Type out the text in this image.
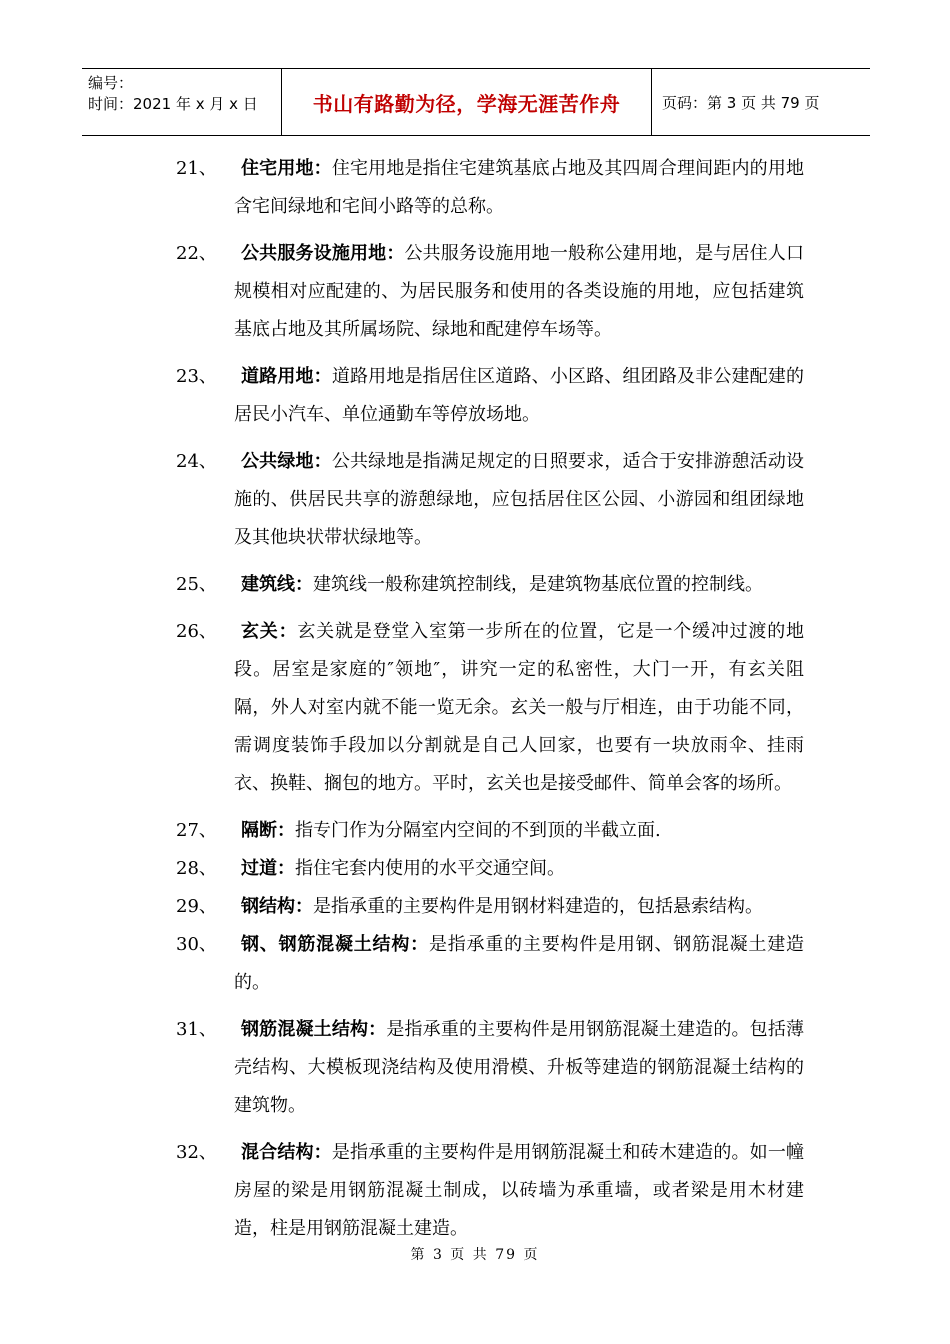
编号：
时间：2021 年 x 月 x 日	书山有路勤为径，学海无涯苦作舟	页码：第 3 页 共 79 页
21、	住宅用地：住宅用地是指住宅建筑基底占地及其四周合理间距内的用地 含宅间绿地和宅间小路等的总称。
22、	公共服务设施用地：公共服务设施用地一般称公建用地，是与居住人口规模相对应配建的、为居民服务和使用的各类设施的用地，应包括建筑基底占地及其所属场院、绿地和配建停车场等。
23、	道路用地：道路用地是指居住区道路、小区路、组团路及非公建配建的居民小汽车、单位通勤车等停放场地。
24、	公共绿地：公共绿地是指满足规定的日照要求，适合于安排游憩活动设施的、供居民共享的游憩绿地，应包括居住区公园、小游园和组团绿地及其他块状带状绿地等。
25、	建筑线：建筑线一般称建筑控制线，是建筑物基底位置的控制线。
26、	玄关：玄关就是登堂入室第一步所在的位置，它是一个缓冲过渡的地段。居室是家庭的″领地″，讲究一定的私密性，大门一开，有玄关阻隔，外人对室内就不能一览无余。玄关一般与厅相连，由于功能不同，需调度装饰手段加以分割就是自己人回家，也要有一块放雨伞、挂雨衣、换鞋、搁包的地方。平时，玄关也是接受邮件、简单会客的场所。
27、	隔断：指专门作为分隔室内空间的不到顶的半截立面.
28、	过道：指住宅套内使用的水平交通空间。
29、	钢结构：是指承重的主要构件是用钢材料建造的，包括悬索结构。
30、	钢、钢筋混凝土结构：是指承重的主要构件是用钢、钢筋混凝土建造的。
31、	钢筋混凝土结构：是指承重的主要构件是用钢筋混凝土建造的。包括薄壳结构、大模板现浇结构及使用滑模、升板等建造的钢筋混凝土结构的建筑物。
32、	混合结构：是指承重的主要构件是用钢筋混凝土和砖木建造的。如一幢房屋的梁是用钢筋混凝土制成，以砖墙为承重墙，或者梁是用木材建造，柱是用钢筋混凝土建造。
第 3 页 共 79 页
